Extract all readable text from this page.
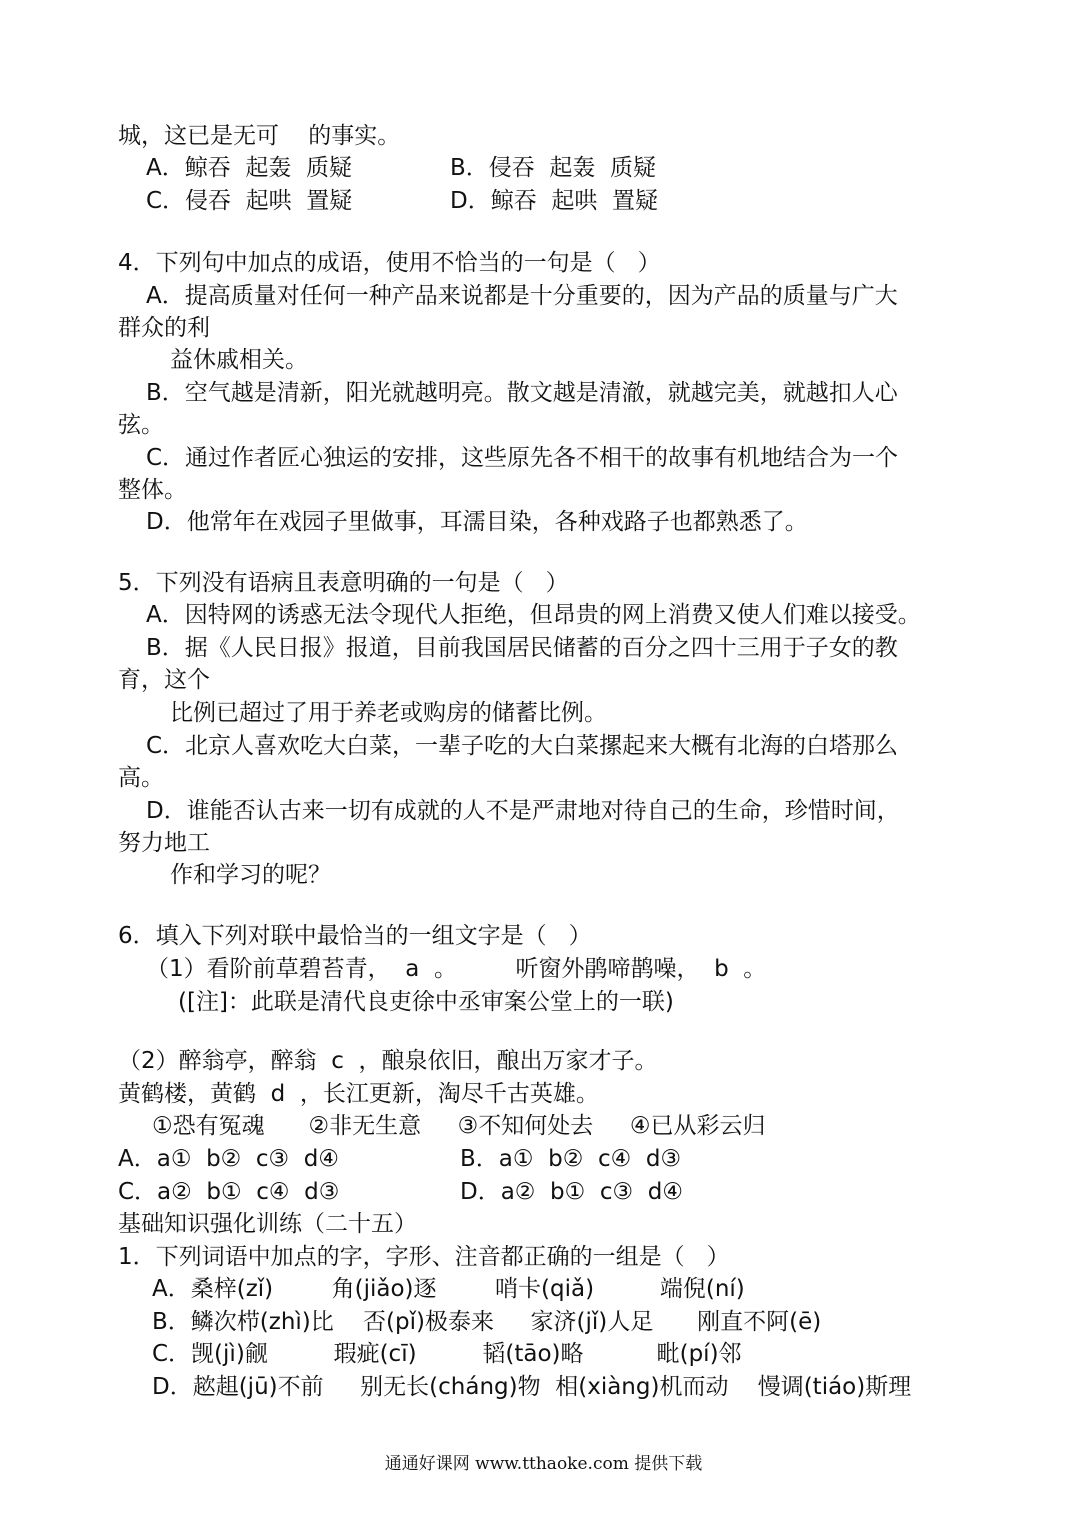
城，这已是无可    的事实。
A．鲸吞  起轰  质疑	B．侵吞  起轰  质疑
C．侵吞  起哄  置疑	D．鲸吞  起哄  置疑
4．下列句中加点的成语，使用不恰当的一句是（   ）
A．提高质量对任何一种产品来说都是十分重要的，因为产品的质量与广大
群众的利
益休戚相关。
B．空气越是清新，阳光就越明亮。散文越是清澈，就越完美，就越扣人心
弦。
C．通过作者匠心独运的安排，这些原先各不相干的故事有机地结合为一个
整体。
D．他常年在戏园子里做事，耳濡目染，各种戏路子也都熟悉了。
5．下列没有语病且表意明确的一句是（   ）
A．因特网的诱惑无法令现代人拒绝，但昂贵的网上消费又使人们难以接受。
B．据《人民日报》报道，目前我国居民储蓄的百分之四十三用于子女的教
育，这个
比例已超过了用于养老或购房的储蓄比例。
C．北京人喜欢吃大白菜，一辈子吃的大白菜摞起来大概有北海的白塔那么
高。
D．谁能否认古来一切有成就的人不是严肃地对待自己的生命，珍惜时间，
努力地工
作和学习的呢？
6．填入下列对联中最恰当的一组文字是（   ）
（1）看阶前草碧苔青，  a  。        听窗外鹃啼鹊噪，  b  。
([注]：此联是清代良吏徐中丞审案公堂上的一联)
（2）醉翁亭，醉翁  c  ，酿泉依旧，酿出万家才子。
黄鹤楼，黄鹤  d  ，长江更新，淘尽千古英雄。
①恐有冤魂      ②非无生意     ③不知何处去     ④已从彩云归
A．a①  b②  c③  d④	B．a①  b②  c④  d③
C．a②  b①  c④  d③	D．a②  b①  c③  d④
基础知识强化训练（二十五）
1．下列词语中加点的字，字形、注音都正确的一组是（   ）
A．桑梓(zǐ)        角(jiǎo)逐        哨卡(qiǎ)         端倪(ní)
B．鳞次栉(zhì)比    否(pǐ)极泰来     家济(jǐ)人足      刚直不阿(ē)
C．觊(jì)觎         瑕疵(cī)         韬(tāo)略          毗(pí)邻
D．趑趄(jū)不前     别无长(cháng)物  相(xiàng)机而动    慢调(tiáo)斯理
通通好课网 www.tthaoke.com 提供下载
